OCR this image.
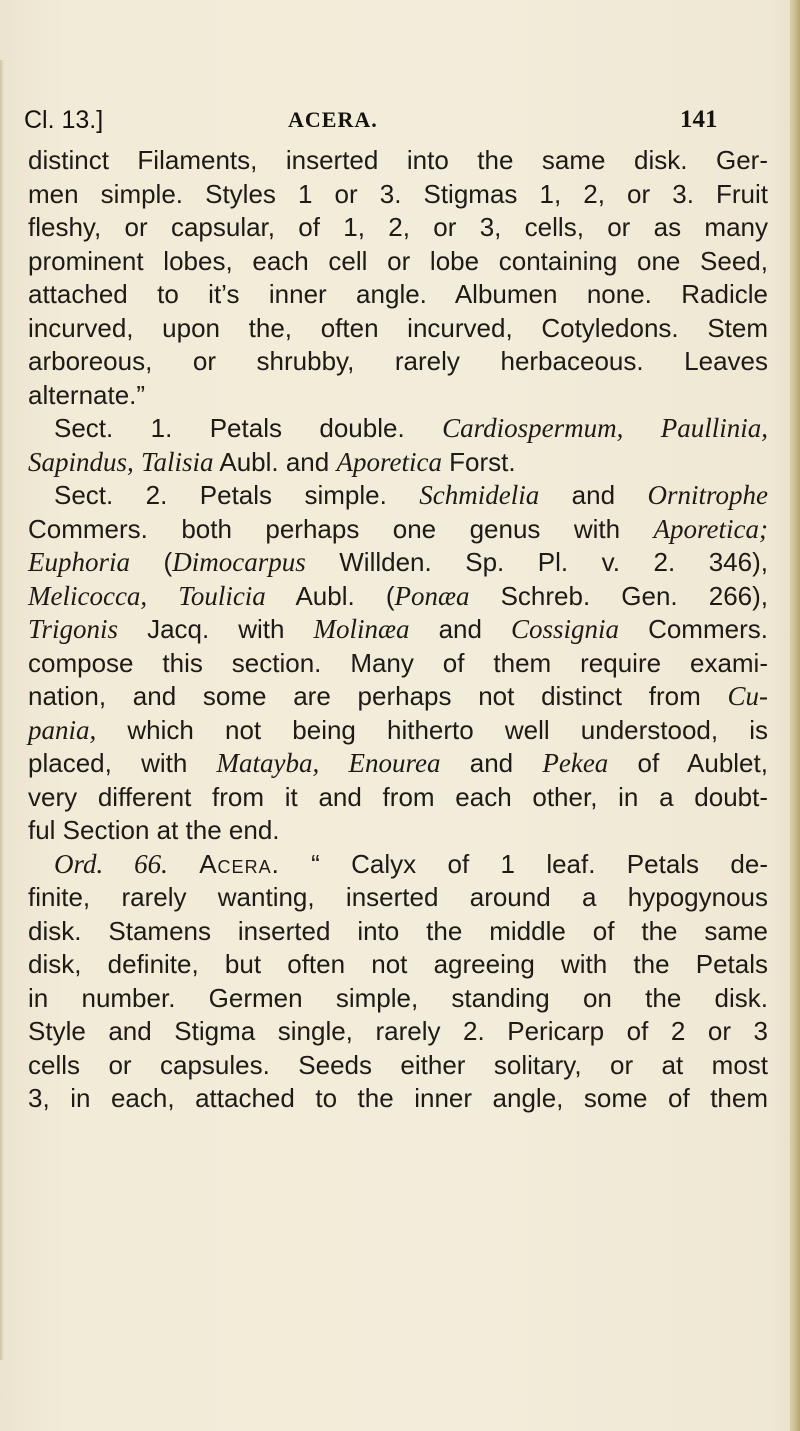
Cl. 13.]	ACERA.	141
distinct Filaments, inserted into the same disk. Ger-
men simple. Styles 1 or 3. Stigmas 1, 2, or 3. Fruit
fleshy, or capsular, of 1, 2, or 3, cells, or as many
prominent lobes, each cell or lobe containing one Seed,
attached to it’s inner angle. Albumen none. Radicle
incurved, upon the, often incurved, Cotyledons. Stem
arboreous, or shrubby, rarely herbaceous. Leaves
alternate.”
Sect. 1. Petals double. Cardiospermum, Paullinia,
Sapindus, Talisia Aubl. and Aporetica Forst.
Sect. 2. Petals simple. Schmidelia and Ornitrophe
Commers. both perhaps one genus with Aporetica;
Euphoria (Dimocarpus Willden. Sp. Pl. v. 2. 346),
Melicocca, Toulicia Aubl. (Ponæa Schreb. Gen. 266),
Trigonis Jacq. with Molinæa and Cossignia Commers.
compose this section. Many of them require exami-
nation, and some are perhaps not distinct from Cu-
pania, which not being hitherto well understood, is
placed, with Matayba, Enourea and Pekea of Aublet,
very different from it and from each other, in a doubt-
ful Section at the end.
Ord. 66. Acera. “ Calyx of 1 leaf. Petals de-
finite, rarely wanting, inserted around a hypogynous
disk. Stamens inserted into the middle of the same
disk, definite, but often not agreeing with the Petals
in number. Germen simple, standing on the disk.
Style and Stigma single, rarely 2. Pericarp of 2 or 3
cells or capsules. Seeds either solitary, or at most
3, in each, attached to the inner angle, some of them
